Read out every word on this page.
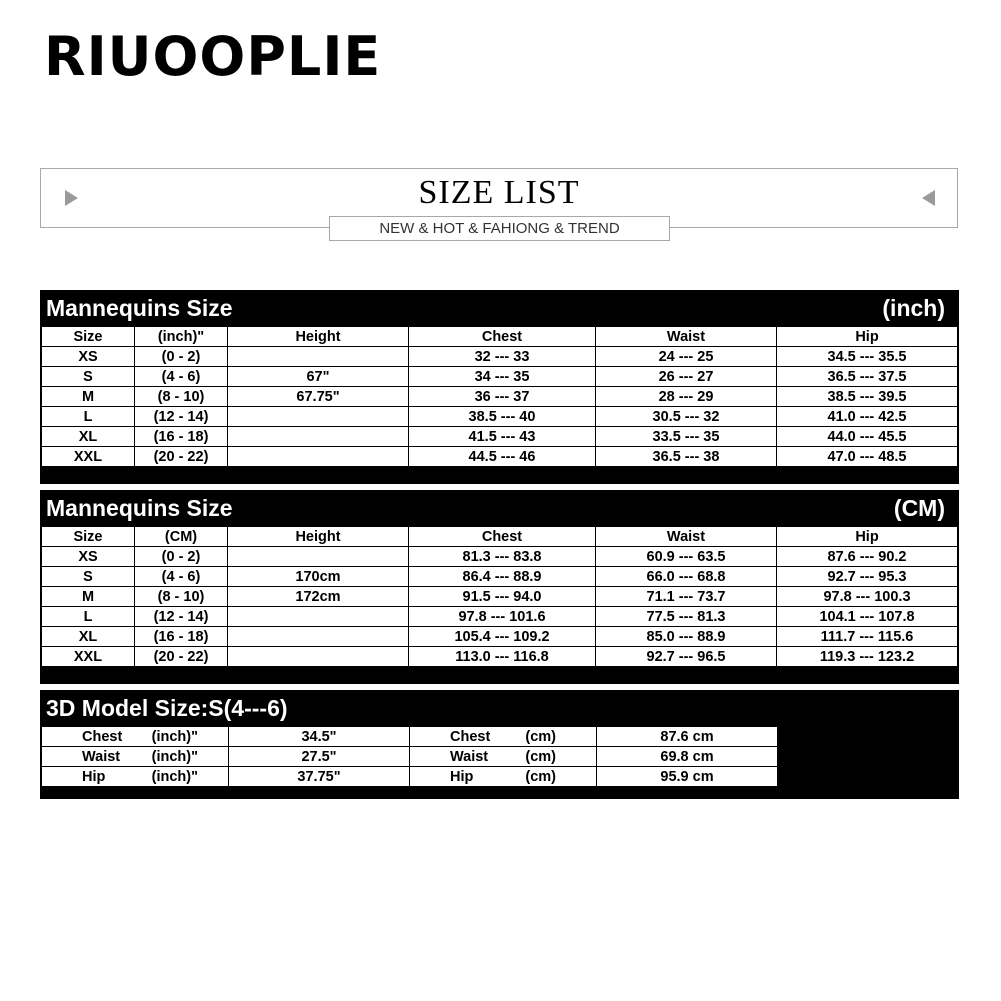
RIUOOPLIE
SIZE LIST
NEW & HOT & FAHIONG & TREND
Mannequins Size	(inch)
Size	(inch)"	Height	Chest	Waist	Hip
XS	(0 - 2)		32 --- 33	24 --- 25	34.5 --- 35.5
S	(4 - 6)	67"	34 --- 35	26 --- 27	36.5 --- 37.5
M	(8 - 10)	67.75"	36 --- 37	28 --- 29	38.5 --- 39.5
L	(12 - 14)		38.5 --- 40	30.5 --- 32	41.0 --- 42.5
XL	(16 - 18)		41.5 --- 43	33.5 --- 35	44.0 --- 45.5
XXL	(20 - 22)		44.5 --- 46	36.5 --- 38	47.0 --- 48.5
Mannequins Size	(CM)
Size	(CM)	Height	Chest	Waist	Hip
XS	(0 - 2)		81.3 --- 83.8	60.9 --- 63.5	87.6 --- 90.2
S	(4 - 6)	170cm	86.4 --- 88.9	66.0 --- 68.8	92.7 --- 95.3
M	(8 - 10)	172cm	91.5 --- 94.0	71.1 --- 73.7	97.8 --- 100.3
L	(12 - 14)		97.8 --- 101.6	77.5 --- 81.3	104.1 --- 107.8
XL	(16 - 18)		105.4 --- 109.2	85.0 --- 88.9	111.7 --- 115.6
XXL	(20 - 22)		113.0 --- 116.8	92.7 --- 96.5	119.3 --- 123.2
3D Model Size:S(4---6)
Chest (inch)"	34.5"	Chest (cm)	87.6 cm

Waist (inch)"	27.5"	Waist (cm)	69.8 cm

Hip (inch)"	37.75"	Hip (cm)	95.9 cm
